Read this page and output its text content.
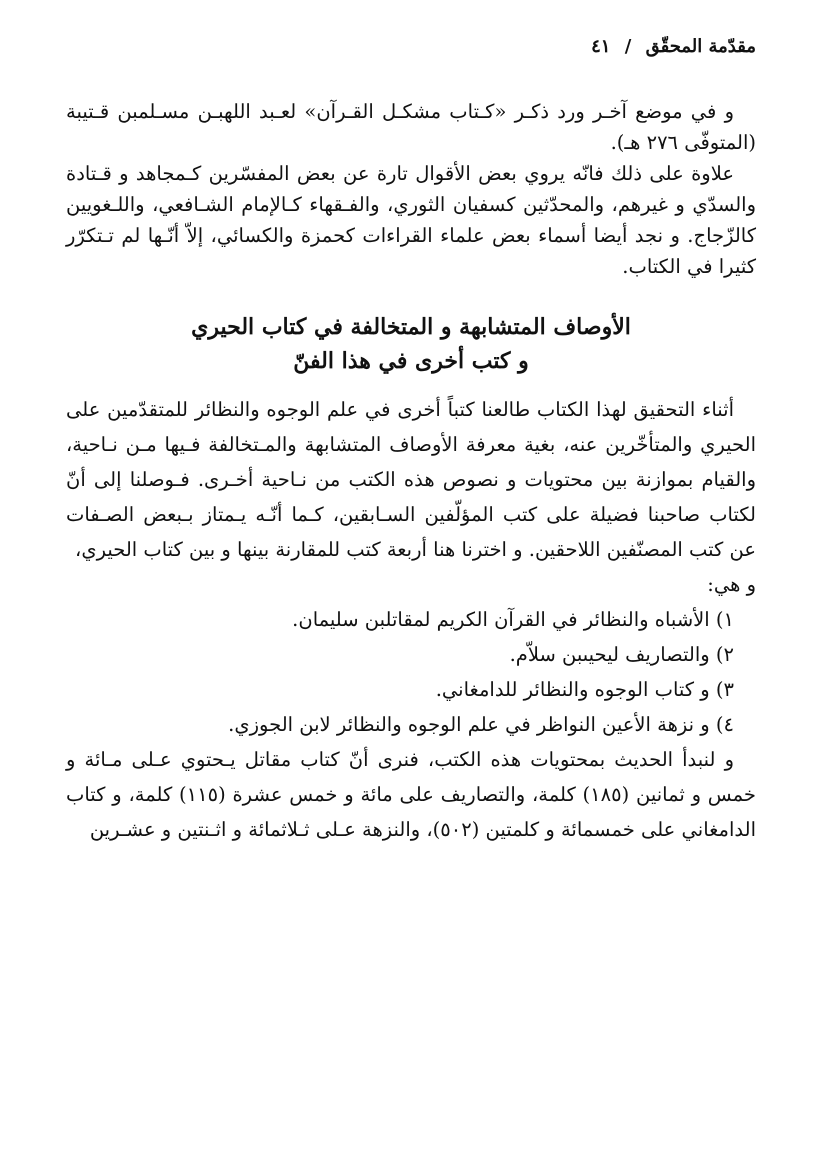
مقدّمة المحقّق / ٤١

و في موضع آخـر ورد ذكـر «كـتاب مشكـل القـرآن» لعـبد اللهبـن مسـلمبن قـتيبة (المتوفّى ٢٧٦ هـ).

علاوة على ذلك فانّه يروي بعض الأقوال تارة عن بعض المفسّرين كـمجاهد و قـتادة والسدّي و غيرهم، والمحدّثين كسفيان الثوري، والفـقهاء كـالإمام الشـافعي، واللـغويين كالزّجاج. و نجد أيضا أسماء بعض علماء القراءات كحمزة والكسائي، إلاّ أنّـها لم تـتكرّر كثيرا في الكتاب.

الأوصاف المتشابهة و المتخالفة في كتاب الحيري
و كتب أخرى في هذا الفنّ

أثناء التحقيق لهذا الكتاب طالعنا كتباً أخرى في علم الوجوه والنظائر للمتقدّمين على الحيري والمتأخّرين عنه، بغية معرفة الأوصاف المتشابهة والمـتخالفة فـيها مـن نـاحية، والقيام بموازنة بين محتويات و نصوص هذه الكتب من نـاحية أخـرى. فـوصلنا إلى أنّ لكتاب صاحبنا فضيلة على كتب المؤلّفين السـابقين، كـما أنّـه يـمتاز بـبعض الصـفات عن كتب المصنّفين اللاحقين. و اخترنا هنا أربعة كتب للمقارنة بينها و بين كتاب الحيري،

و هي:

١) الأشباه والنظائر في القرآن الكريم لمقاتلبن سليمان.
٢) والتصاريف ليحيىبن سلاّم.
٣) و كتاب الوجوه والنظائر للدامغاني.
٤) و نزهة الأعين النواظر في علم الوجوه والنظائر لابن الجوزي.

و لنبدأ الحديث بمحتويات هذه الكتب، فنرى أنّ كتاب مقاتل يـحتوي عـلى مـائة و خمس و ثمانين (١٨٥) كلمة، والتصاريف على مائة و خمس عشرة (١١٥) كلمة، و كتاب الدامغاني على خمسمائة و كلمتين (٥٠٢)، والنزهة عـلى ثـلاثمائة و اثـنتين و عشـرين
